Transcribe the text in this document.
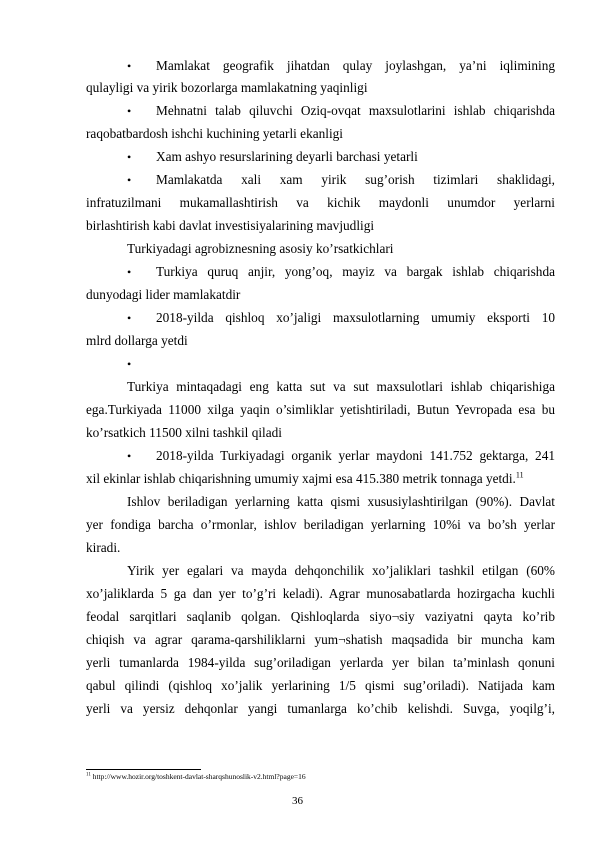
• Mamlakat geografik jihatdan qulay joylashgan, ya’ni iqlimining
qulayligi va yirik bozorlarga mamlakatning yaqinligi
• Mehnatni talab qiluvchi Oziq-ovqat maxsulotlarini ishlab chiqarishda
raqobatbardosh ishchi kuchining yetarli ekanligi
• Xam ashyo resurslarining deyarli barchasi yetarli
• Mamlakatda xali xam yirik sug’orish tizimlari shaklidagi,
infratuzilmani mukamallashtirish va kichik maydonli unumdor yerlarni
birlashtirish kabi davlat investisiyalarining mavjudligi
Turkiyadagi agrobiznesning asosiy ko’rsatkichlari
• Turkiya quruq anjir, yong’oq, mayiz va bargak ishlab chiqarishda
dunyodagi lider mamlakatdir
• 2018-yilda qishloq xo’jaligi maxsulotlarning umumiy eksporti 10
mlrd dollarga yetdi
•
Turkiya mintaqadagi eng katta sut va sut maxsulotlari ishlab chiqarishiga
ega.Turkiyada 11000 xilga yaqin o’simliklar yetishtiriladi, Butun Yevropada esa bu
ko’rsatkich 11500 xilni tashkil qiladi
• 2018-yilda Turkiyadagi organik yerlar maydoni 141.752 gektarga, 241
xil ekinlar ishlab chiqarishning umumiy xajmi esa 415.380 metrik tonnaga yetdi.$^{11}$
Ishlov beriladigan yerlarning katta qismi xususiylashtirilgan (90%). Davlat
yer fondiga barcha o’rmonlar, ishlov beriladigan yerlarning 10%i va bo’sh yerlar
kiradi.
Yirik yer egalari va mayda dehqonchilik xo’jaliklari tashkil etilgan (60%
xo’jaliklarda 5 ga dan yer to’g’ri keladi). Agrar munosabatlarda hozirgacha kuchli
feodal sarqitlari saqlanib qolgan. Qishloqlarda siyo¬siy vaziyatni qayta ko’rib
chiqish va agrar qarama-qarshiliklarni yum¬shatish maqsadida bir muncha kam
yerli tumanlarda 1984-yilda sug’oriladigan yerlarda yer bilan ta’minlash qonuni
qabul qilindi (qishloq xo’jalik yerlarining 1/5 qismi sug’oriladi). Natijada kam
yerli va yersiz dehqonlar yangi tumanlarga ko’chib kelishdi. Suvga, yoqilg’i,
$^{11}$ http://www.hozir.org/toshkent-davlat-sharqshunoslik-v2.html?page=16
36
